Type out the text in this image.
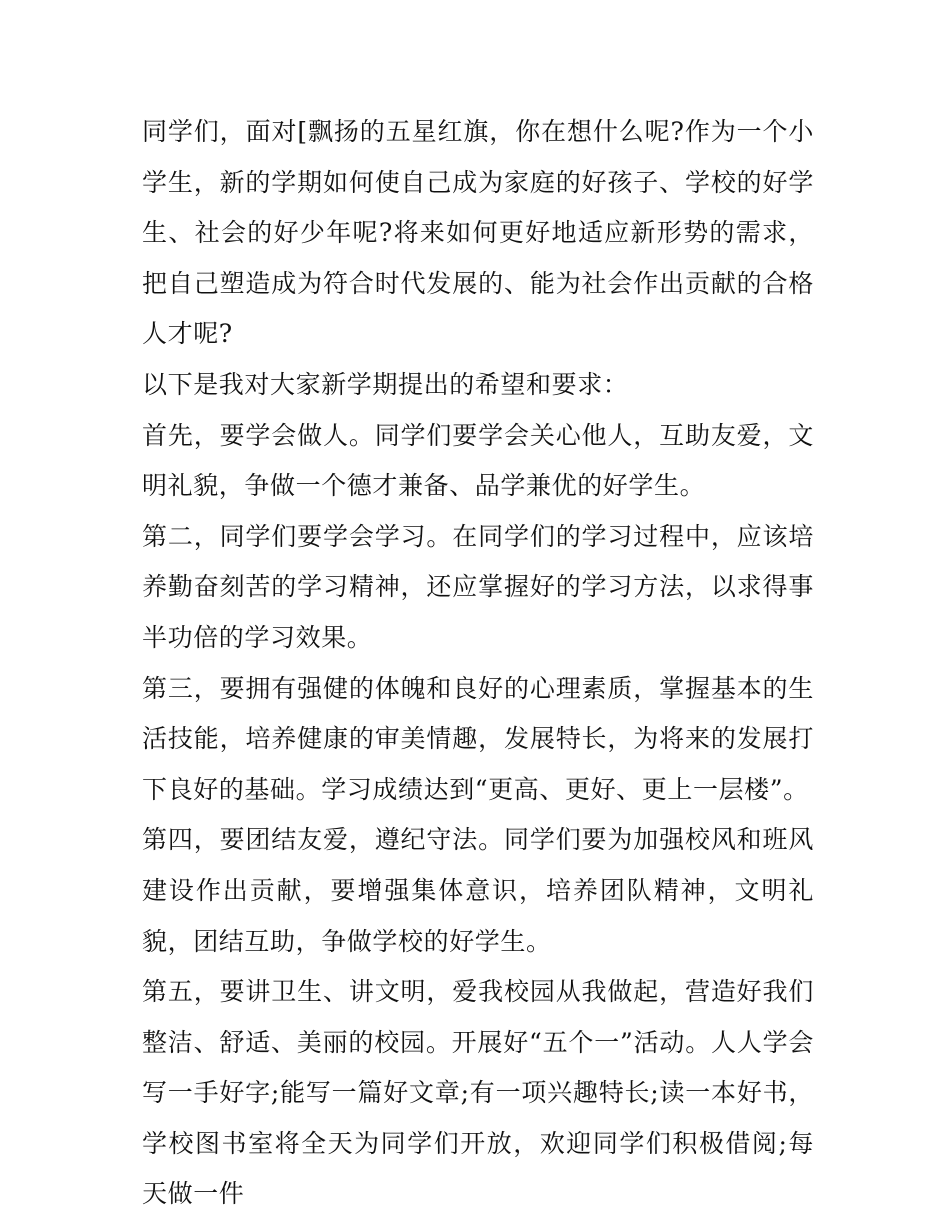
同学们，面对[飘扬的五星红旗，你在想什么呢?作为一个小学生，新的学期如何使自己成为家庭的好孩子、学校的好学生、社会的好少年呢?将来如何更好地适应新形势的需求，把自己塑造成为符合时代发展的、能为社会作出贡献的合格人才呢?

以下是我对大家新学期提出的希望和要求：

首先，要学会做人。同学们要学会关心他人，互助友爱，文明礼貌，争做一个德才兼备、品学兼优的好学生。

第二，同学们要学会学习。在同学们的学习过程中，应该培养勤奋刻苦的学习精神，还应掌握好的学习方法，以求得事半功倍的学习效果。

第三，要拥有强健的体魄和良好的心理素质，掌握基本的生活技能，培养健康的审美情趣，发展特长，为将来的发展打下良好的基础。学习成绩达到“更高、更好、更上一层楼”。

第四，要团结友爱，遵纪守法。同学们要为加强校风和班风建设作出贡献，要增强集体意识，培养团队精神，文明礼貌，团结互助，争做学校的好学生。

第五，要讲卫生、讲文明，爱我校园从我做起，营造好我们整洁、舒适、美丽的校园。开展好“五个一”活动。人人学会写一手好字;能写一篇好文章;有一项兴趣特长;读一本好书，学校图书室将全天为同学们开放，欢迎同学们积极借阅;每天做一件
